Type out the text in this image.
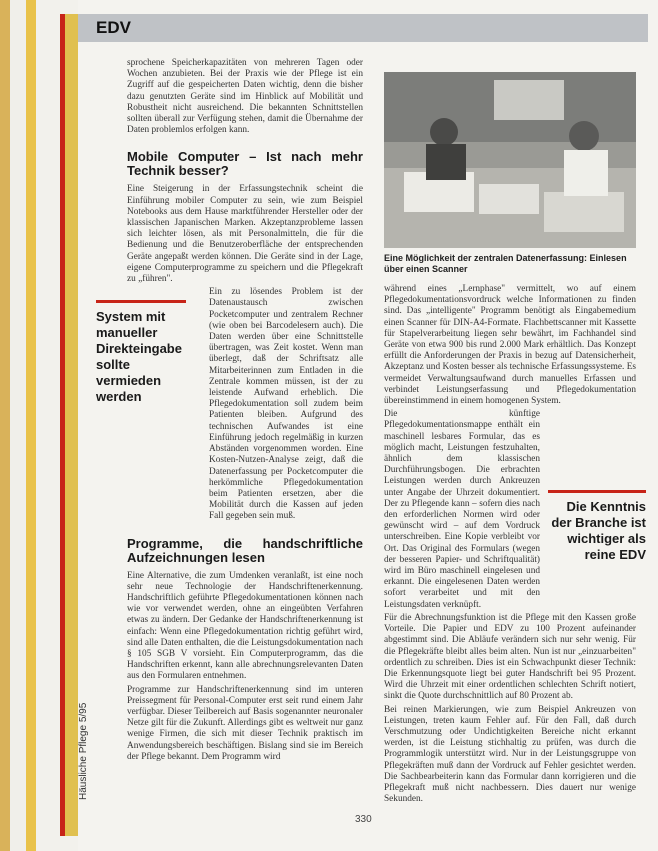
EDV
Häusliche Pflege 5/95

sprochene Speicherkapazitäten von mehreren Tagen oder Wochen anzubieten. Bei der Praxis wie der Pflege ist ein Zugriff auf die gespeicherten Daten wichtig, denn die bisher dazu genutzten Geräte sind im Hinblick auf Mobilität und Robustheit nicht ausreichend. Die bekannten Schnittstellen sollten überall zur Verfügung stehen, damit die Übernahme der Daten problemlos erfolgen kann.

Mobile Computer – Ist nach mehr Technik besser?

Eine Steigerung in der Erfassungstechnik scheint die Einführung mobiler Computer zu sein, wie zum Beispiel Notebooks aus dem Hause marktführender Hersteller oder der klassischen Japanischen Marken. Akzeptanzprobleme lassen sich leichter lösen, als mit Personalmitteln, die für die Bedienung und die Benutzeroberfläche der entsprechenden Geräte angepaßt werden können. Die Geräte sind in der Lage, eigene Computerprogramme zu speichern und die Pflegekraft zu „führen".

Ein zu lösendes Problem ist der Datenaustausch zwischen Pocketcomputer und zentralem Rechner (wie oben bei Barcodelesern auch). Die Daten werden über eine Schnittstelle übertragen, was Zeit kostet. Wenn man überlegt, daß der Schriftsatz alle Mitarbeiterinnen zum Entladen in die Zentrale kommen müssen, ist der zu leistende Aufwand erheblich. Die Pflegedokumentation soll zudem beim Patienten bleiben. Aufgrund des technischen Aufwandes ist eine Einführung jedoch regelmäßig in kurzen Abständen vorgenommen worden. Eine Kosten-Nutzen-Analyse zeigt, daß die Datenerfassung per Pocketcomputer die herkömmliche Pflegedokumentation beim Patienten ersetzen, aber die Mobilität durch die Kassen auf jeden Fall gegeben sein muß.

Programme, die handschriftliche Aufzeichnungen lesen

Eine Alternative, die zum Umdenken veranlaßt, ist eine noch sehr neue Technologie der Handschriftenerkennung. Handschriftlich geführte Pflegedokumentationen können nach wie vor verwendet werden, ohne an eingeübten Verfahren etwas zu ändern. Der Gedanke der Handschriftenerkennung ist einfach: Wenn eine Pflegedokumentation richtig geführt wird, sind alle Daten enthalten, die die Leistungsdokumentation nach § 105 SGB V vorsieht. Ein Computerprogramm, das die Handschriften erkennt, kann alle abrechnungsrelevanten Daten aus den Formularen entnehmen.

Programme zur Handschriftenerkennung sind im unteren Preissegment für Personal-Computer erst seit rund einem Jahr verfügbar. Dieser Teilbereich auf Basis sogenannter neuronaler Netze gilt für die Zukunft. Allerdings gibt es weltweit nur ganz wenige Firmen, die sich mit dieser Technik praktisch im Anwendungsbereich beschäftigen. Bislang sind sie im Bereich der Pflege bekannt. Dem Programm wird

System mit manueller Direkteingabe sollte vermieden werden
Eine Möglichkeit der zentralen Datenerfassung: Einlesen über einen Scanner

während eines „Lernphase" vermittelt, wo auf einem Pflegedokumentationsvordruck welche Informationen zu finden sind. Das „intelligente" Programm benötigt als Eingabemedium einen Scanner für DIN-A4-Formate. Flachbettscanner mit Kassette für Stapelverarbeitung liegen sehr bewährt, im Fachhandel sind Geräte von etwa 900 bis rund 2.000 Mark erhältlich. Das Konzept erfüllt die Anforderungen der Praxis in bezug auf Datensicherheit, Akzeptanz und Kosten besser als technische Erfassungssysteme. Es vermeidet Verwaltungsaufwand durch manuelles Erfassen und verbindet Leistungserfassung und Pflegedokumentation übereinstimmend in einem homogenen System.

Die künftige Pflegedokumentationsmappe enthält ein maschinell lesbares Formular, das es möglich macht, Leistungen festzuhalten, ähnlich dem klassischen Durchführungsbogen. Die erbrachten Leistungen werden durch Ankreuzen unter Angabe der Uhrzeit dokumentiert. Der zu Pflegende kann – sofern dies nach den erforderlichen Normen wird oder gewünscht wird – auf dem Vordruck unterschreiben. Eine Kopie verbleibt vor Ort. Das Original des Formulars (wegen der besseren Papier- und Schriftqualität) wird im Büro maschinell eingelesen und erkannt. Die eingelesenen Daten werden sofort verarbeitet und mit den Leistungsdaten verknüpft.

Für die Abrechnungsfunktion ist die Pflege mit den Kassen große Vorteile. Die Papier und EDV zu 100 Prozent aufeinander abgestimmt sind. Die Abläufe verändern sich nur sehr wenig. Für die Pflegekräfte bleibt alles beim alten. Nun ist nur „einzuarbeiten" ordentlich zu schreiben. Dies ist ein Schwachpunkt dieser Technik: Die Erkennungsquote liegt bei guter Handschrift bei 95 Prozent. Wird die Uhrzeit mit einer ordentlichen schlechten Schrift notiert, sinkt die Quote durchschnittlich auf 80 Prozent ab.

Bei reinen Markierungen, wie zum Beispiel Ankreuzen von Leistungen, treten kaum Fehler auf. Für den Fall, daß durch Verschmutzung oder Undichtigkeiten Bereiche nicht erkannt werden, ist die Leistung stichhaltig zu prüfen, was durch die Programmlogik unterstützt wird. Nur in der Leistungsgruppe von Pflegekräften muß dann der Vordruck auf Fehler gesichtet werden. Die Sachbearbeiterin kann das Formular dann korrigieren und die Pflegekraft muß nicht nachbessern. Dies dauert nur wenige Sekunden.

Die Kenntnis der Branche ist wichtiger als reine EDV
330
